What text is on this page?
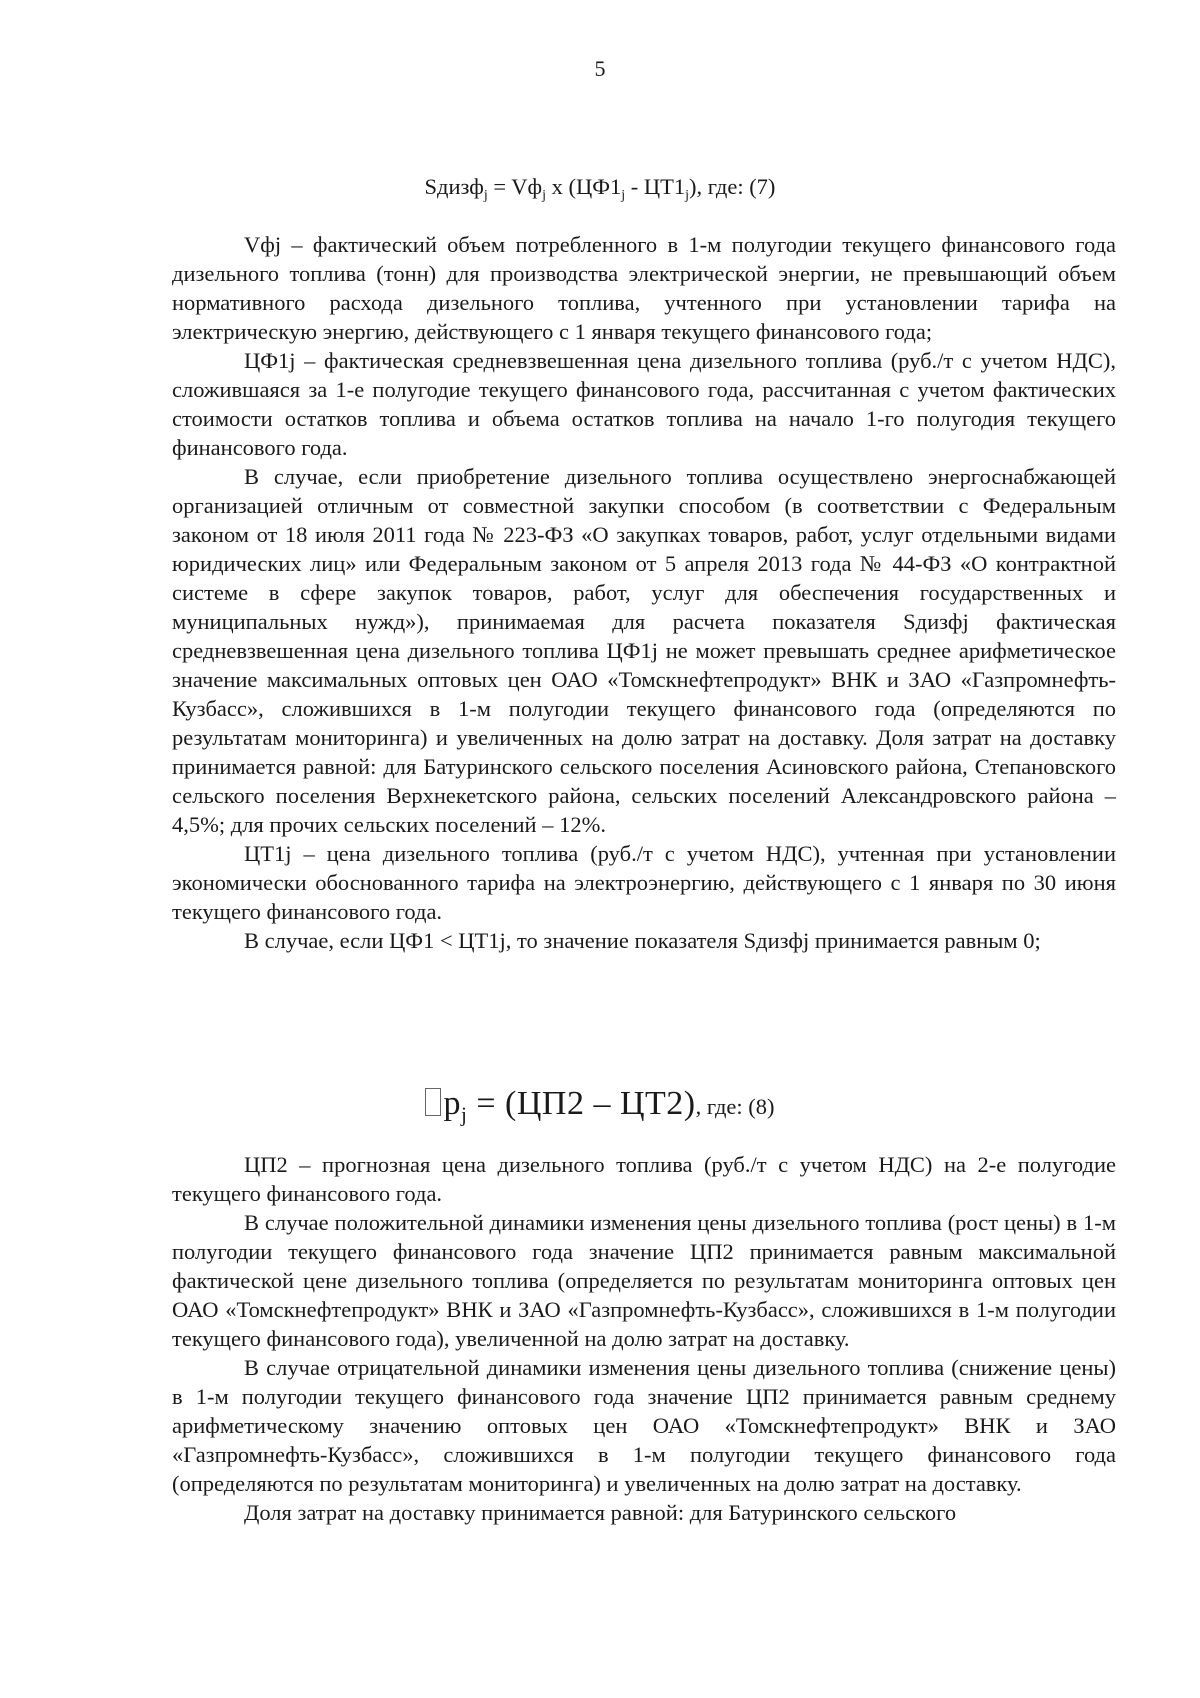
5
Sдизф$_j$ = $Vф_j$ х $(ЦФ1_j - ЦТ1_j)$, где: (7)

Vфj – фактический объем потребленного в 1-м полугодии текущего финансового года дизельного топлива (тонн) для производства электрической энергии, не превышающий объем нормативного расхода дизельного топлива, учтенного при установлении тарифа на электрическую энергию, действующего с 1 января текущего финансового года;

ЦФ1j – фактическая средневзвешенная цена дизельного топлива (руб./т с учетом НДС), сложившаяся за 1-е полугодие текущего финансового года, рассчитанная с учетом фактических стоимости остатков топлива и объема остатков топлива на начало 1-го полугодия текущего финансового года.

В случае, если приобретение дизельного топлива осуществлено энергоснабжающей организацией отличным от совместной закупки способом (в соответствии с Федеральным законом от 18 июля 2011 года № 223-ФЗ «О закупках товаров, работ, услуг отдельными видами юридических лиц» или Федеральным законом от 5 апреля 2013 года № 44-ФЗ «О контрактной системе в сфере закупок товаров, работ, услуг для обеспечения государственных и муниципальных нужд»), принимаемая для расчета показателя Sдизфj фактическая средневзвешенная цена дизельного топлива ЦФ1j не может превышать среднее арифметическое значение максимальных оптовых цен ОАО «Томскнефтепродукт» ВНК и ЗАО «Газпромнефть-Кузбасс», сложившихся в 1-м полугодии текущего финансового года (определяются по результатам мониторинга) и увеличенных на долю затрат на доставку. Доля затрат на доставку принимается равной: для Батуринского сельского поселения Асиновского района, Степановского сельского поселения Верхнекетского района, сельских поселений Александровского района – 4,5%; для прочих сельских поселений – 12%.

ЦТ1j – цена дизельного топлива (руб./т с учетом НДС), учтенная при установлении экономически обоснованного тарифа на электроэнергию, действующего с 1 января по 30 июня текущего финансового года.

В случае, если ЦФ1 < ЦТ1j, то значение показателя Sдизфj принимается равным 0;

$p_j = (ЦП2 - ЦТ2)$, где: (8)

ЦП2 – прогнозная цена дизельного топлива (руб./т с учетом НДС) на 2-е полугодие текущего финансового года.

В случае положительной динамики изменения цены дизельного топлива (рост цены) в 1-м полугодии текущего финансового года значение ЦП2 принимается равным максимальной фактической цене дизельного топлива (определяется по результатам мониторинга оптовых цен ОАО «Томскнефтепродукт» ВНК и ЗАО «Газпромнефть-Кузбасс», сложившихся в 1-м полугодии текущего финансового года), увеличенной на долю затрат на доставку.

В случае отрицательной динамики изменения цены дизельного топлива (снижение цены) в 1-м полугодии текущего финансового года значение ЦП2 принимается равным среднему арифметическому значению оптовых цен ОАО «Томскнефтепродукт» ВНК и ЗАО «Газпромнефть-Кузбасс», сложившихся в 1-м полугодии текущего финансового года (определяются по результатам мониторинга) и увеличенных на долю затрат на доставку.

Доля затрат на доставку принимается равной: для Батуринского сельского
